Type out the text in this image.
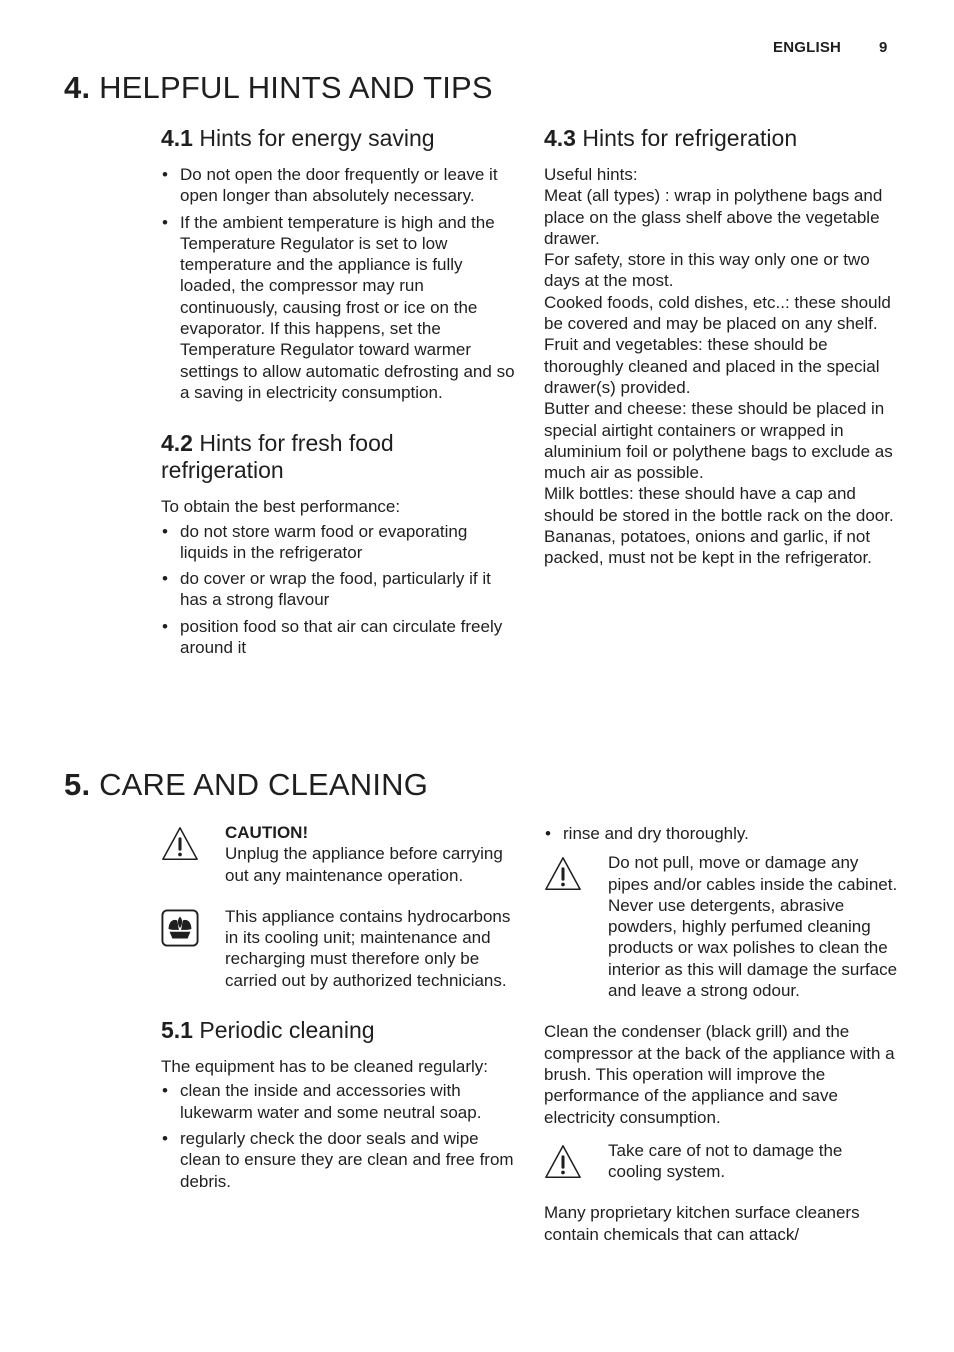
ENGLISH	9
4. HELPFUL HINTS AND TIPS
4.1 Hints for energy saving
• Do not open the door frequently or leave it open longer than absolutely necessary.
• If the ambient temperature is high and the Temperature Regulator is set to low temperature and the appliance is fully loaded, the compressor may run continuously, causing frost or ice on the evaporator. If this happens, set the Temperature Regulator toward warmer settings to allow automatic defrosting and so a saving in electricity consumption.
4.2 Hints for fresh food refrigeration

To obtain the best performance:

• do not store warm food or evaporating liquids in the refrigerator
• do cover or wrap the food, particularly if it has a strong flavour
• position food so that air can circulate freely around it
4.3 Hints for refrigeration

Useful hints:

Meat (all types) : wrap in polythene bags and place on the glass shelf above the vegetable drawer.

For safety, store in this way only one or two days at the most.

Cooked foods, cold dishes, etc..: these should be covered and may be placed on any shelf.

Fruit and vegetables: these should be thoroughly cleaned and placed in the special drawer(s) provided.

Butter and cheese: these should be placed in special airtight containers or wrapped in aluminium foil or polythene bags to exclude as much air as possible.

Milk bottles: these should have a cap and should be stored in the bottle rack on the door.

Bananas, potatoes, onions and garlic, if not packed, must not be kept in the refrigerator.

5. CARE AND CLEANING

CAUTION!

Unplug the appliance before carrying out any maintenance operation.

This appliance contains hydrocarbons in its cooling unit; maintenance and recharging must therefore only be carried out by authorized technicians.

5.1 Periodic cleaning

The equipment has to be cleaned regularly:

• clean the inside and accessories with lukewarm water and some neutral soap.
• regularly check the door seals and wipe clean to ensure they are clean and free from debris.
• rinse and dry thoroughly.

Do not pull, move or damage any pipes and/or cables inside the cabinet.
Never use detergents, abrasive powders, highly perfumed cleaning products or wax polishes to clean the interior as this will damage the surface and leave a strong odour.

Clean the condenser (black grill) and the compressor at the back of the appliance with a brush. This operation will improve the performance of the appliance and save electricity consumption.

Take care of not to damage the cooling system.

Many proprietary kitchen surface cleaners contain chemicals that can attack/
